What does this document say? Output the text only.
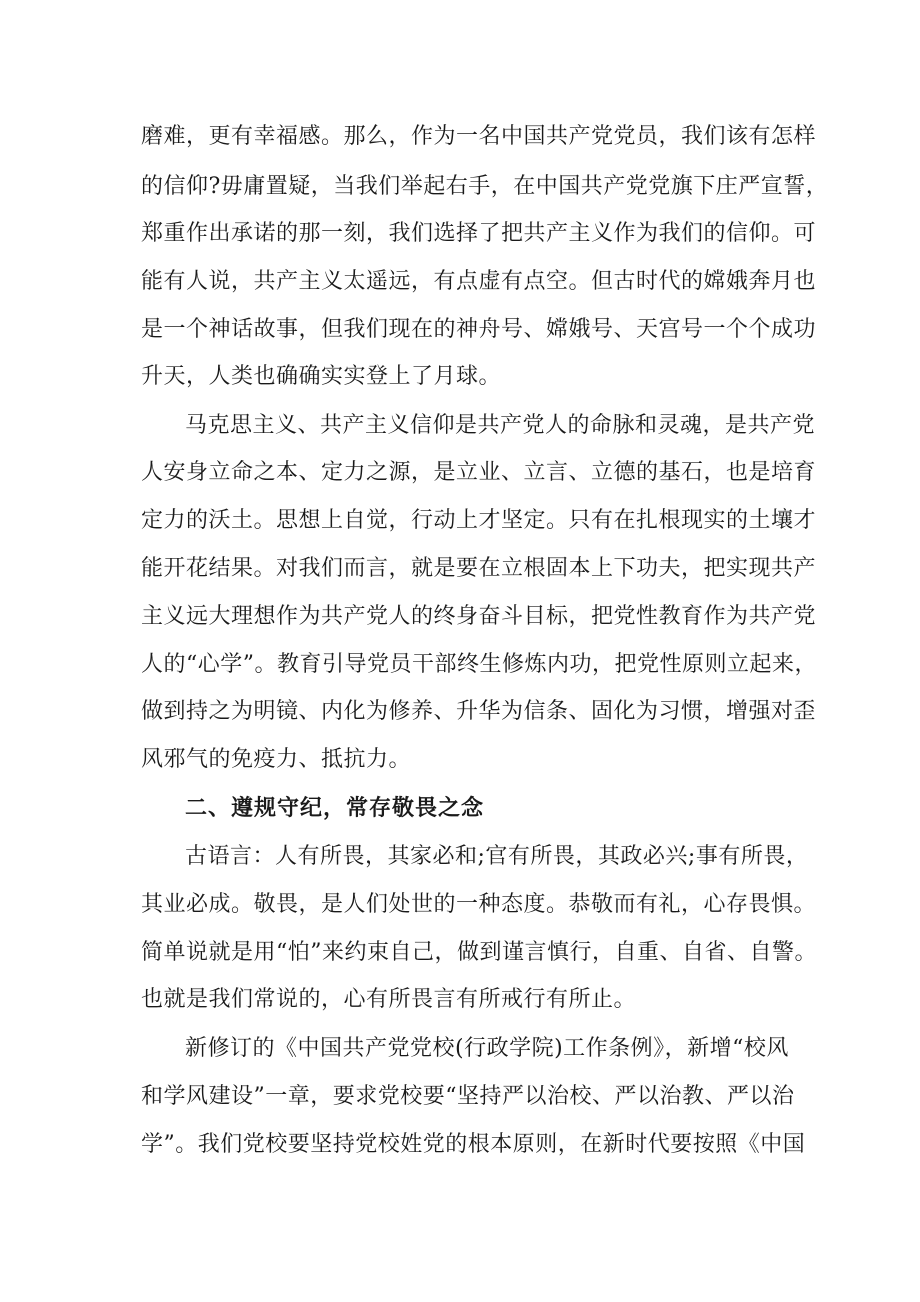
磨难，更有幸福感。那么，作为一名中国共产党党员，我们该有怎样
的信仰?毋庸置疑，当我们举起右手，在中国共产党党旗下庄严宣誓，
郑重作出承诺的那一刻，我们选择了把共产主义作为我们的信仰。可
能有人说，共产主义太遥远，有点虚有点空。但古时代的嫦娥奔月也
是一个神话故事，但我们现在的神舟号、嫦娥号、天宫号一个个成功
升天，人类也确确实实登上了月球。
马克思主义、共产主义信仰是共产党人的命脉和灵魂，是共产党
人安身立命之本、定力之源，是立业、立言、立德的基石，也是培育
定力的沃土。思想上自觉，行动上才坚定。只有在扎根现实的土壤才
能开花结果。对我们而言，就是要在立根固本上下功夫，把实现共产
主义远大理想作为共产党人的终身奋斗目标，把党性教育作为共产党
人的“心学”。教育引导党员干部终生修炼内功，把党性原则立起来，
做到持之为明镜、内化为修养、升华为信条、固化为习惯，增强对歪
风邪气的免疫力、抵抗力。
二、遵规守纪，常存敬畏之念
古语言：人有所畏，其家必和;官有所畏，其政必兴;事有所畏，
其业必成。敬畏，是人们处世的一种态度。恭敬而有礼，心存畏惧。
简单说就是用“怕”来约束自己，做到谨言慎行，自重、自省、自警。
也就是我们常说的，心有所畏言有所戒行有所止。
新修订的《中国共产党党校(行政学院)工作条例》，新增“校风
和学风建设”一章，要求党校要“坚持严以治校、严以治教、严以治
学”。我们党校要坚持党校姓党的根本原则，在新时代要按照《中国
